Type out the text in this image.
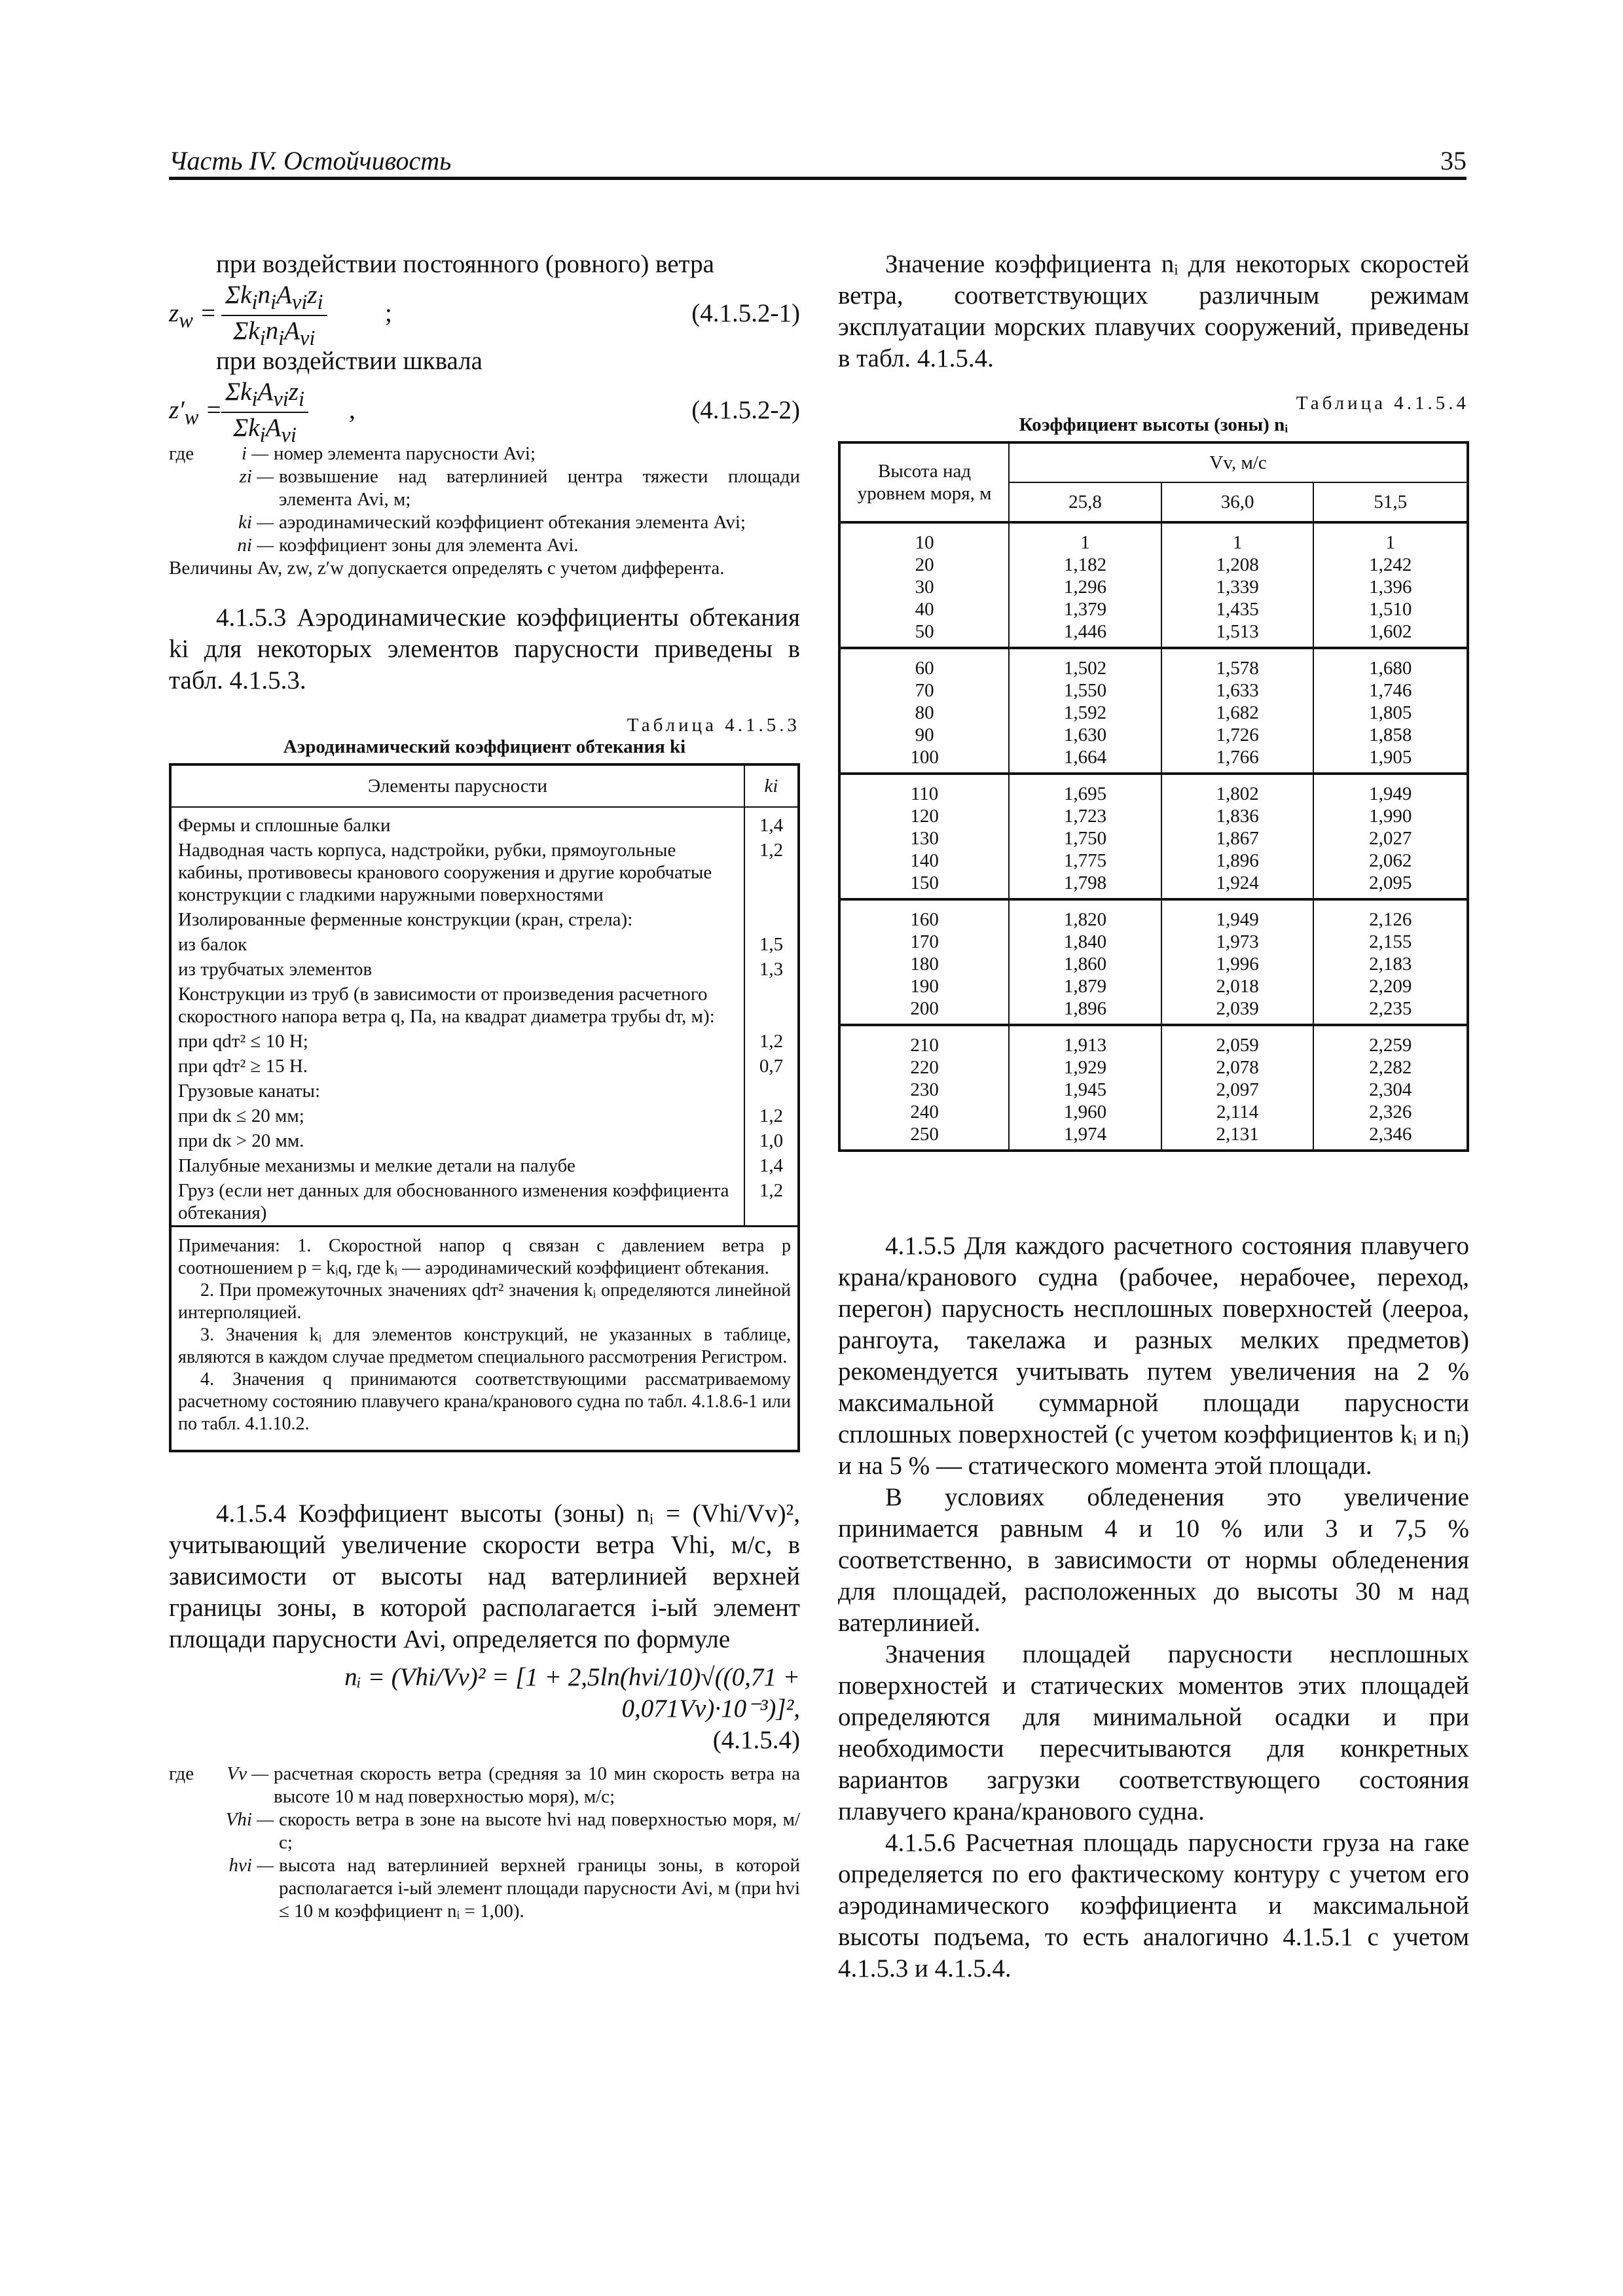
Часть IV. Остойчивость	35

при воздействии постоянного (ровного) ветра

$z_w$ =
$\Sigma k_in_iA_{vi}z_i$
$\Sigma k_in_iA_{vi}$
;	(4.1.5.2-1)

при воздействии шквала

$z'_w$ =
$\Sigma k_iA_{vi}z_i$
$\Sigma k_iA_{vi}$
,	(4.1.5.2-2)
где	i — номер элемента парусности Avi;
zi — возвышение над ватерлинией центра тяжести площади элемента Avi, м;
ki — аэродинамический коэффициент обтекания элемента Avi;
ni — коэффициент зоны для элемента Avi.
Величины Av, zw, z′w допускается определять с учетом дифферента.

4.1.5.3 Аэродинамические коэффициенты обтекания ki для некоторых элементов парусности приведены в табл. 4.1.5.3.

Таблица 4.1.5.3
Аэродинамический коэффициент обтекания ki
Элементы парусности	ki
Фермы и сплошные балки	1,4
Надводная часть корпуса, надстройки, рубки, прямоугольные кабины, противовесы кранового сооружения и другие коробчатые конструкции с гладкими наружными поверхностями	1,2
Изолированные ферменные конструкции (кран, стрела):	
из балок	1,5
из трубчатых элементов	1,3
Конструкции из труб (в зависимости от произведения расчетного скоростного напора ветра q, Па, на квадрат диаметра трубы dт, м):	
при qdт² ≤ 10 Н;	1,2
при qdт² ≥ 15 Н.	0,7
Грузовые канаты:	
при dк ≤ 20 мм;	1,2
при dк > 20 мм.	1,0
Палубные механизмы и мелкие детали на палубе	1,4
Груз (если нет данных для обоснованного изменения коэффициента обтекания)	1,2

Примечания: 1. Скоростной напор q связан с давлением ветра p соотношением p = kᵢq, где kᵢ — аэродинамический коэффициент обтекания.
2. При промежуточных значениях qdт² значения kᵢ определяются линейной интерполяцией.
3. Значения kᵢ для элементов конструкций, не указанных в таблице, являются в каждом случае предметом специального рассмотрения Регистром.
4. Значения q принимаются соответствующими рассматриваемому расчетному состоянию плавучего крана/кранового судна по табл. 4.1.8.6-1 или по табл. 4.1.10.2.	

4.1.5.4 Коэффициент высоты (зоны) nᵢ = (Vhi/Vv)², учитывающий увеличение скорости ветра Vhi, м/с, в зависимости от высоты над ватерлинией верхней границы зоны, в которой располагается i-ый элемент площади парусности Avi, определяется по формуле

nᵢ = (Vhi/Vv)² = [1 + 2,5ln(hvi/10)√((0,71 + 0,071Vv)·10⁻³)]²,

(4.1.5.4)

где	Vv — расчетная скорость ветра (средняя за 10 мин скорость ветра на высоте 10 м над поверхностью моря), м/с;
Vhi — скорость ветра в зоне на высоте hvi над поверхностью моря, м/с;
hvi — высота над ватерлинией верхней границы зоны, в которой располагается i-ый элемент площади парусности Avi, м (при hvi ≤ 10 м коэффициент nᵢ = 1,00).

Значение коэффициента nᵢ для некоторых скоростей ветра, соответствующих различным режимам эксплуатации морских плавучих сооружений, приведены в табл. 4.1.5.4.

Таблица 4.1.5.4
Коэффициент высоты (зоны) nᵢ
Высота над уровнем моря, м	Vv, м/с		
	25,8	36,0	51,5
10	1	1	1
20	1,182	1,208	1,242
30	1,296	1,339	1,396
40	1,379	1,435	1,510
50	1,446	1,513	1,602
60	1,502	1,578	1,680
70	1,550	1,633	1,746
80	1,592	1,682	1,805
90	1,630	1,726	1,858
100	1,664	1,766	1,905
110	1,695	1,802	1,949
120	1,723	1,836	1,990
130	1,750	1,867	2,027
140	1,775	1,896	2,062
150	1,798	1,924	2,095
160	1,820	1,949	2,126
170	1,840	1,973	2,155
180	1,860	1,996	2,183
190	1,879	2,018	2,209
200	1,896	2,039	2,235
210	1,913	2,059	2,259
220	1,929	2,078	2,282
230	1,945	2,097	2,304
240	1,960	2,114	2,326
250	1,974	2,131	2,346

4.1.5.5 Для каждого расчетного состояния плавучего крана/кранового судна (рабочее, нерабочее, переход, перегон) парусность несплошных поверхностей (леероа, рангоута, такелажа и разных мелких предметов) рекомендуется учитывать путем увеличения на 2 % максимальной суммарной площади парусности сплошных поверхностей (с учетом коэффициентов kᵢ и nᵢ) и на 5 % — статического момента этой площади.

В условиях обледенения это увеличение принимается равным 4 и 10 % или 3 и 7,5 % соответственно, в зависимости от нормы обледенения для площадей, расположенных до высоты 30 м над ватерлинией.

Значения площадей парусности несплошных поверхностей и статических моментов этих площадей определяются для минимальной осадки и при необходимости пересчитываются для конкретных вариантов загрузки соответствующего состояния плавучего крана/кранового судна.

4.1.5.6 Расчетная площадь парусности груза на гаке определяется по его фактическому контуру с учетом его аэродинамического коэффициента и максимальной высоты подъема, то есть аналогично 4.1.5.1 с учетом 4.1.5.3 и 4.1.5.4.
